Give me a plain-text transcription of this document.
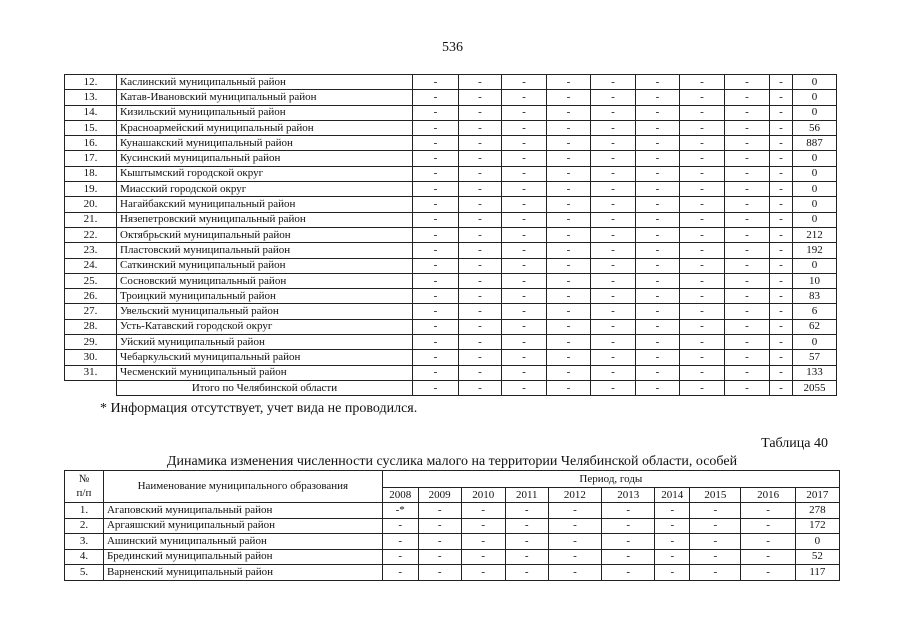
536
12.	Каслинский муниципальный район	-	-	-	-	-	-	-	-	-	0
13.	Катав-Ивановский муниципальный район	-	-	-	-	-	-	-	-	-	0
14.	Кизильский муниципальный район	-	-	-	-	-	-	-	-	-	0
15.	Красноармейский муниципальный район	-	-	-	-	-	-	-	-	-	56
16.	Кунашакский муниципальный район	-	-	-	-	-	-	-	-	-	887
17.	Кусинский муниципальный район	-	-	-	-	-	-	-	-	-	0
18.	Кыштымский городской округ	-	-	-	-	-	-	-	-	-	0
19.	Миасский городской округ	-	-	-	-	-	-	-	-	-	0
20.	Нагайбакский муниципальный район	-	-	-	-	-	-	-	-	-	0
21.	Нязепетровский муниципальный район	-	-	-	-	-	-	-	-	-	0
22.	Октябрьский муниципальный район	-	-	-	-	-	-	-	-	-	212
23.	Пластовский муниципальный район	-	-	-	-	-	-	-	-	-	192
24.	Саткинский муниципальный район	-	-	-	-	-	-	-	-	-	0
25.	Сосновский муниципальный район	-	-	-	-	-	-	-	-	-	10
26.	Троицкий муниципальный район	-	-	-	-	-	-	-	-	-	83
27.	Увельский муниципальный район	-	-	-	-	-	-	-	-	-	6
28.	Усть-Катавский городской округ	-	-	-	-	-	-	-	-	-	62
29.	Уйский муниципальный район	-	-	-	-	-	-	-	-	-	0
30.	Чебаркульский муниципальный район	-	-	-	-	-	-	-	-	-	57
31.	Чесменский муниципальный район	-	-	-	-	-	-	-	-	-	133
	Итого по Челябинской области	-	-	-	-	-	-	-	-	-	2055
* Информация отсутствует, учет вида не проводился.
Таблица 40
Динамика изменения численности суслика малого на территории Челябинской области, особей
№
п/п	Наименование муниципального образования	Период, годы									
		2008	2009	2010	2011	2012	2013	2014	2015	2016	2017
1.	Агаповский муниципальный район	-*	-	-	-	-	-	-	-	-	278
2.	Аргаяшский муниципальный район	-	-	-	-	-	-	-	-	-	172
3.	Ашинский муниципальный район	-	-	-	-	-	-	-	-	-	0
4.	Брединский муниципальный район	-	-	-	-	-	-	-	-	-	52
5.	Варненский муниципальный район	-	-	-	-	-	-	-	-	-	117
